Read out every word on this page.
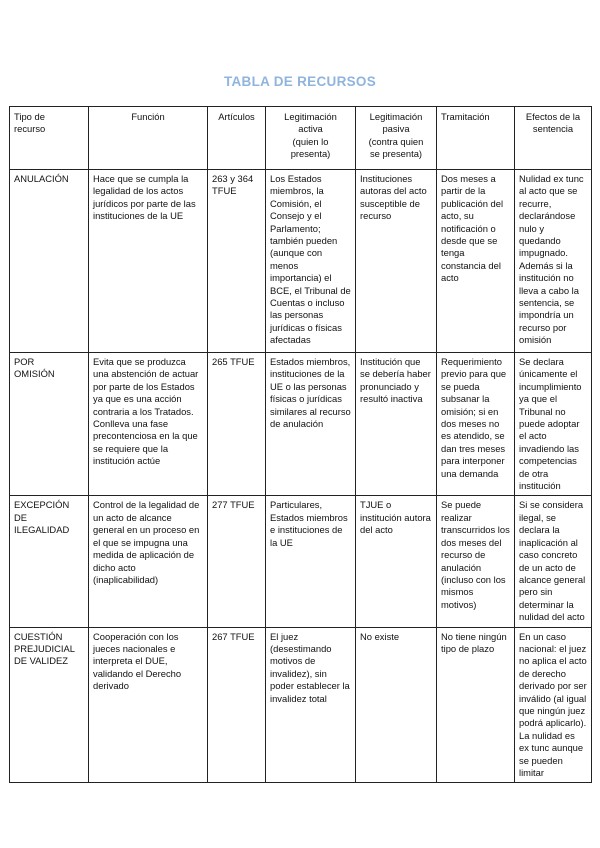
TABLA DE RECURSOS
Tipo de
recurso	Función	Artículos	Legitimación
activa
(quien lo
presenta)	Legitimación
pasiva
(contra quien
se presenta)	Tramitación	Efectos de la
sentencia

ANULACIÓN	Hace que se cumpla la legalidad de los actos jurídicos por parte de las instituciones de la UE	263 y 364
TFUE	Los Estados miembros, la Comisión, el Consejo y el Parlamento; también pueden (aunque con menos importancia) el BCE, el Tribunal de Cuentas o incluso las personas jurídicas o físicas afectadas	Instituciones autoras del acto susceptible de recurso	Dos meses a partir de la publicación del acto, su notificación o desde que se tenga constancia del acto	Nulidad ex tunc al acto que se recurre, declarándose nulo y quedando impugnado. Además si la institución no lleva a cabo la sentencia, se impondría un recurso por omisión

POR
OMISIÓN	Evita que se produzca una abstención de actuar por parte de los Estados ya que es una acción contraria a los Tratados. Conlleva una fase precontenciosa en la que se requiere que la institución actúe	265 TFUE	Estados miembros, instituciones de la UE o las personas físicas o jurídicas similares al recurso de anulación	Institución que se debería haber pronunciado y resultó inactiva	Requerimiento previo para que se pueda subsanar la omisión; si en dos meses no es atendido, se dan tres meses para interponer una demanda	Se declara únicamente el incumplimiento ya que el Tribunal no puede adoptar el acto invadiendo las competencias de otra institución

EXCEPCIÓN
DE
ILEGALIDAD	Control de la legalidad de un acto de alcance general en un proceso en el que se impugna una medida de aplicación de dicho acto (inaplicabilidad)	277 TFUE	Particulares, Estados miembros e instituciones de la UE	TJUE o institución autora del acto	Se puede realizar transcurridos los dos meses del recurso de anulación (incluso con los mismos motivos)	Si se considera ilegal, se declara la inaplicación al caso concreto de un acto de alcance general pero sin determinar la nulidad del acto

CUESTIÓN
PREJUDICIAL
DE VALIDEZ	Cooperación con los jueces nacionales e interpreta el DUE, validando el Derecho derivado	267 TFUE	El juez (desestimando motivos de invalidez), sin poder establecer la invalidez total	No existe	No tiene ningún tipo de plazo	En un caso nacional: el juez no aplica el acto de derecho derivado por ser inválido (al igual que ningún juez podrá aplicarlo). La nulidad es ex tunc aunque se pueden limitar
